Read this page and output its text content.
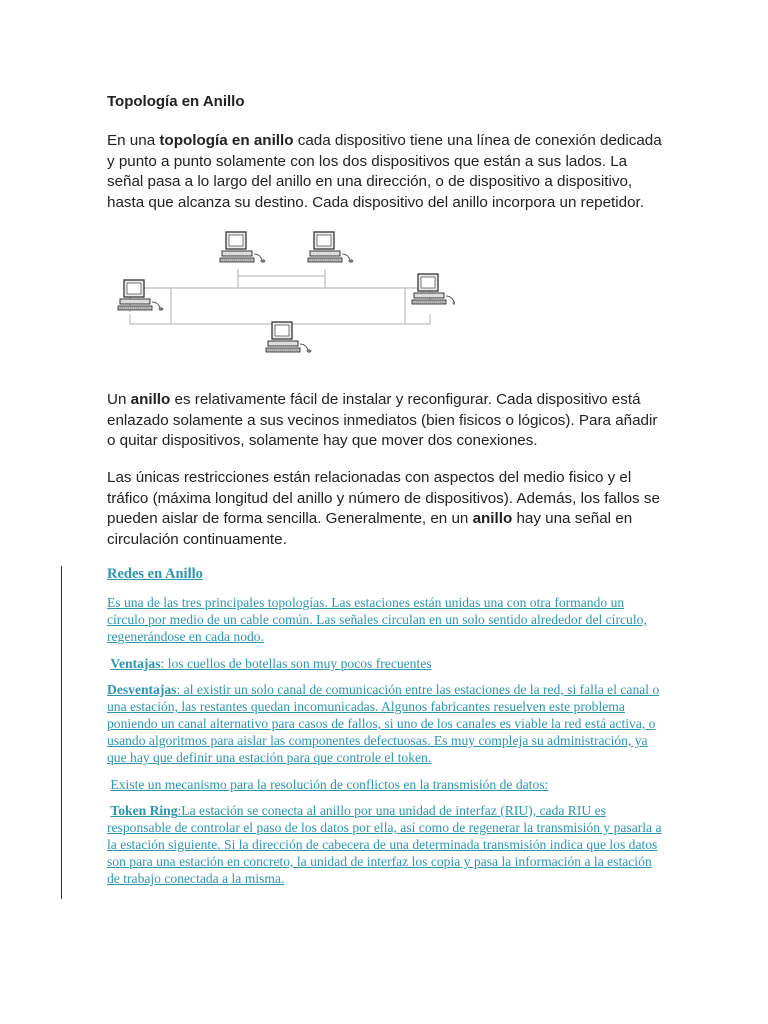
Topología en Anillo

En una topología en anillo cada dispositivo tiene una línea de conexión dedicada y punto a punto solamente con los dos dispositivos que están a sus lados. La señal pasa a lo largo del anillo en una dirección, o de dispositivo a dispositivo, hasta que alcanza su destino. Cada dispositivo del anillo incorpora un repetidor.

Un anillo es relativamente fácil de instalar y reconfigurar. Cada dispositivo está enlazado solamente a sus vecinos inmediatos (bien fisicos o lógicos). Para añadir o quitar dispositivos, solamente hay que mover dos conexiones.

Las únicas restricciones están relacionadas con aspectos del medio fisico y el tráfico (máxima longitud del anillo y número de dispositivos). Además, los fallos se pueden aislar de forma sencilla. Generalmente, en un anillo hay una señal en circulación continuamente.

Redes en Anillo

Es una de las tres principales topologías. Las estaciones están unidas una con otra formando un círculo por medio de un cable común. Las señales circulan en un solo sentido alrededor del círculo, regenerándose en cada nodo.

Ventajas: los cuellos de botellas son muy pocos frecuentes

Desventajas: al existir un solo canal de comunicación entre las estaciones de la red, si falla el canal o una estación, las restantes quedan incomunicadas. Algunos fabricantes resuelven este problema poniendo un canal alternativo para casos de fallos, si uno de los canales es viable la red está activa, o usando algoritmos para aislar las componentes defectuosas. Es muy compleja su administración, ya que hay que definir una estación para que controle el token.

Existe un mecanismo para la resolución de conflictos en la transmisión de datos:

Token Ring:La estación se conecta al anillo por una unidad de interfaz (RIU), cada RIU es responsable de controlar el paso de los datos por ella, así como de regenerar la transmisión y pasarla a la estación siguiente. Si la dirección de cabecera de una determinada transmisión indica que los datos son para una estación en concreto, la unidad de interfaz los copia y pasa la información a la estación de trabajo conectada a la misma.
